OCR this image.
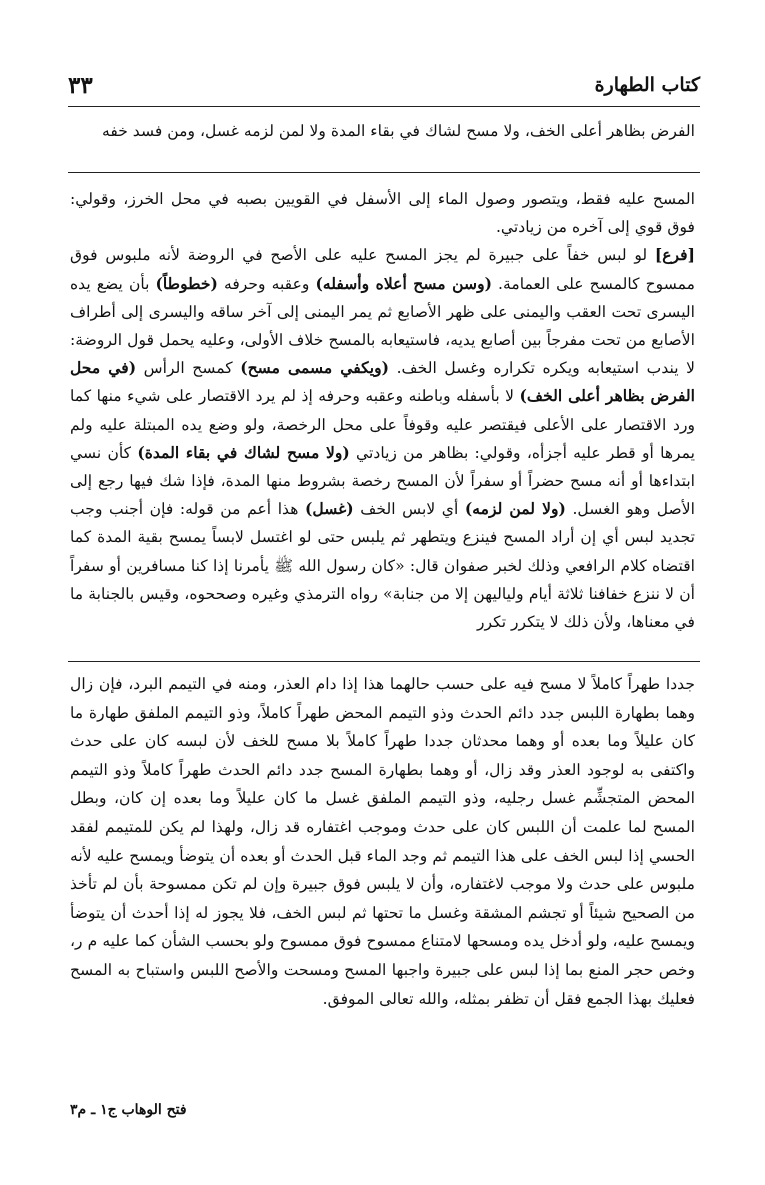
كتاب الطهارة
٣٣

الفرض بظاهر أعلى الخف، ولا مسح لشاك في بقاء المدة ولا لمن لزمه غسل، ومن فسد خفه

المسح عليه فقط، ويتصور وصول الماء إلى الأسفل في القويين بصبه في محل الخرز، وقولي: فوق قوي إلى آخره من زيادتي.

[فرع] لو لبس خفاً على جبيرة لم يجز المسح عليه على الأصح في الروضة لأنه ملبوس فوق ممسوح كالمسح على العمامة. (وسن مسح أعلاه وأسفله) وعقبه وحرفه (خطوطاً) بأن يضع يده اليسرى تحت العقب واليمنى على ظهر الأصابع ثم يمر اليمنى إلى آخر ساقه واليسرى إلى أطراف الأصابع من تحت مفرجاً بين أصابع يديه، فاستيعابه بالمسح خلاف الأولى، وعليه يحمل قول الروضة: لا يندب استيعابه ويكره تكراره وغسل الخف. (ويكفي مسمى مسح) كمسح الرأس (في محل الفرض بظاهر أعلى الخف) لا بأسفله وباطنه وعقبه وحرفه إذ لم يرد الاقتصار على شيء منها كما ورد الاقتصار على الأعلى فيقتصر عليه وقوفاً على محل الرخصة، ولو وضع يده المبتلة عليه ولم يمرها أو قطر عليه أجزأه، وقولي: بظاهر من زيادتي (ولا مسح لشاك في بقاء المدة) كأن نسي ابتداءها أو أنه مسح حضراً أو سفراً لأن المسح رخصة بشروط منها المدة، فإذا شك فيها رجع إلى الأصل وهو الغسل. (ولا لمن لزمه) أي لابس الخف (غسل) هذا أعم من قوله: فإن أجنب وجب تجديد لبس أي إن أراد المسح فينزع ويتطهر ثم يلبس حتى لو اغتسل لابساً يمسح بقية المدة كما اقتضاه كلام الرافعي وذلك لخبر صفوان قال: «كان رسول الله ﷺ يأمرنا إذا كنا مسافرين أو سفراً أن لا ننزع خفافنا ثلاثة أيام ولياليهن إلا من جنابة» رواه الترمذي وغيره وصححوه، وقيس بالجنابة ما في معناها، ولأن ذلك لا يتكرر تكرر

جددا طهراً كاملاً لا مسح فيه على حسب حالهما هذا إذا دام العذر، ومنه في التيمم البرد، فإن زال وهما بطهارة اللبس جدد دائم الحدث وذو التيمم المحض طهراً كاملاً، وذو التيمم الملفق طهارة ما كان عليلاً وما بعده أو وهما محدثان جددا طهراً كاملاً بلا مسح للخف لأن لبسه كان على حدث واكتفى به لوجود العذر وقد زال، أو وهما بطهارة المسح جدد دائم الحدث طهراً كاملاً وذو التيمم المحض المتجشِّم غسل رجليه، وذو التيمم الملفق غسل ما كان عليلاً وما بعده إن كان، وبطل المسح لما علمت أن اللبس كان على حدث وموجب اغتفاره قد زال، ولهذا لم يكن للمتيمم لفقد الحسي إذا لبس الخف على هذا التيمم ثم وجد الماء قبل الحدث أو بعده أن يتوضأ ويمسح عليه لأنه ملبوس على حدث ولا موجب لاغتفاره، وأن لا يلبس فوق جبيرة وإن لم تكن ممسوحة بأن لم تأخذ من الصحيح شيئاً أو تجشم المشقة وغسل ما تحتها ثم لبس الخف، فلا يجوز له إذا أحدث أن يتوضأ ويمسح عليه، ولو أدخل يده ومسحها لامتناع ممسوح فوق ممسوح ولو بحسب الشأن كما عليه م ر، وخص حجر المنع بما إذا لبس على جبيرة واجبها المسح ومسحت والأصح اللبس واستباح به المسح فعليك بهذا الجمع فقل أن تظفر بمثله، والله تعالى الموفق.

فتح الوهاب ج١ ـ م٣
